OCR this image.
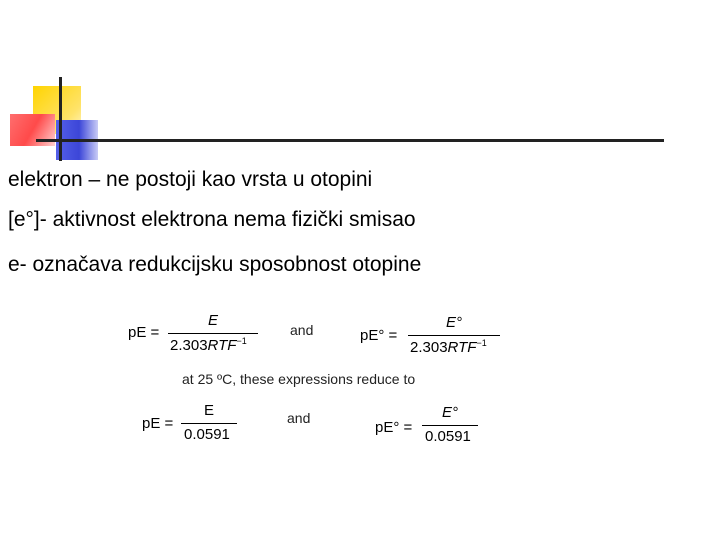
elektron – ne postoji kao vrsta u otopini
[e°]- aktivnost elektrona nema fizički smisao
e- označava redukcijsku sposobnost otopine
pE =
E
$2.303RTF^{-1}$
and	pE° =
E°
$2.303RTF^{-1}$
at 25 ºC, these expressions reduce to
pE =
E
0.0591
and
pE° =
E°
0.0591
